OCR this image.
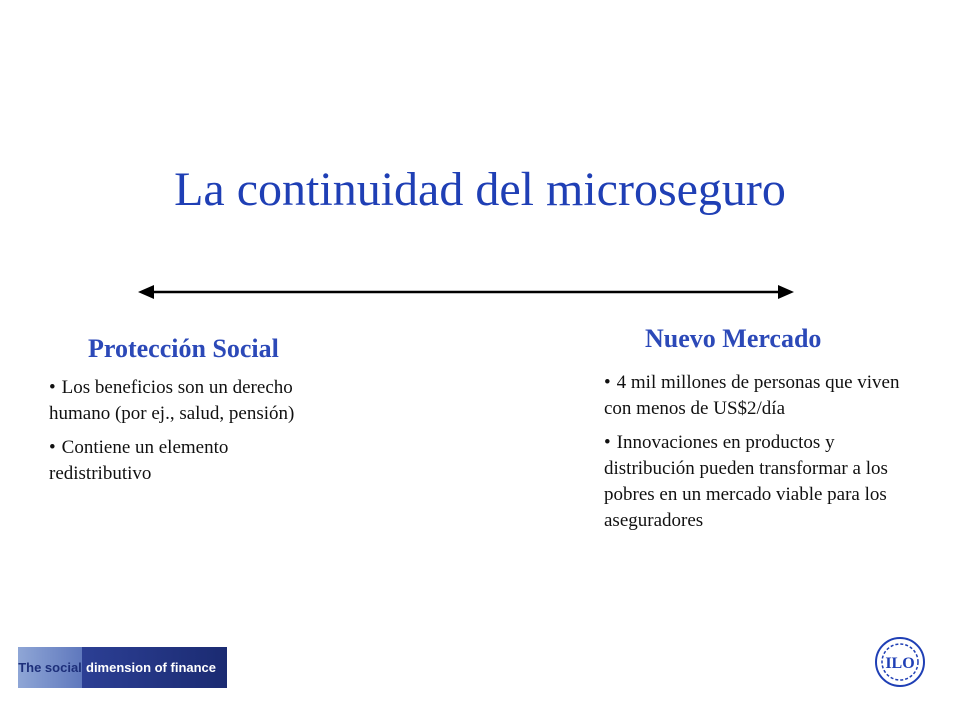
La continuidad del microseguro
Protección Social
• Los beneficios son un derecho humano (por ej., salud, pensión)
• Contiene un elemento redistributivo
Nuevo Mercado
• 4 mil millones de personas que viven con menos de US$2/día
• Innovaciones en productos y distribución pueden transformar a los pobres en un mercado viable para los aseguradores
The social dimension of finance	ILO
